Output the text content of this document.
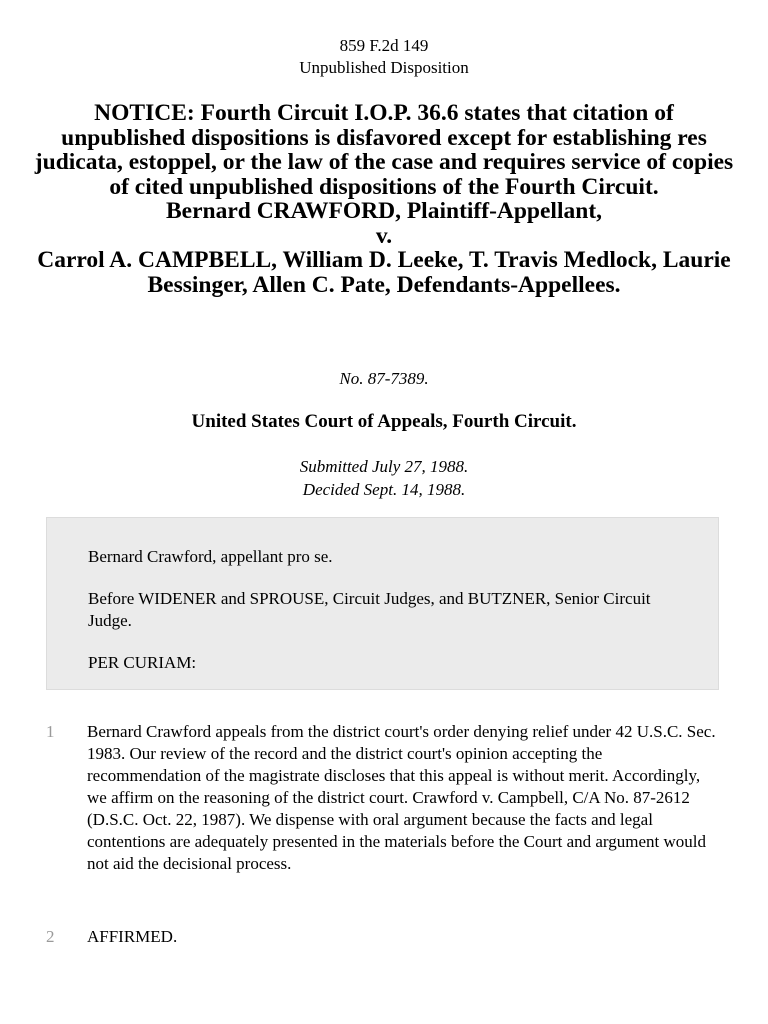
859 F.2d 149
Unpublished Disposition
NOTICE: Fourth Circuit I.O.P. 36.6 states that citation of unpublished dispositions is disfavored except for establishing res judicata, estoppel, or the law of the case and requires service of copies of cited unpublished dispositions of the Fourth Circuit.
Bernard CRAWFORD, Plaintiff-Appellant,
v.
Carrol A. CAMPBELL, William D. Leeke, T. Travis Medlock, Laurie Bessinger, Allen C. Pate, Defendants-Appellees.
No. 87-7389.
United States Court of Appeals, Fourth Circuit.
Submitted July 27, 1988.
Decided Sept. 14, 1988.
Bernard Crawford, appellant pro se.
Before WIDENER and SPROUSE, Circuit Judges, and BUTZNER, Senior Circuit Judge.
PER CURIAM:
1 Bernard Crawford appeals from the district court's order denying relief under 42 U.S.C. Sec. 1983. Our review of the record and the district court's opinion accepting the recommendation of the magistrate discloses that this appeal is without merit. Accordingly, we affirm on the reasoning of the district court. Crawford v. Campbell, C/A No. 87-2612 (D.S.C. Oct. 22, 1987). We dispense with oral argument because the facts and legal contentions are adequately presented in the materials before the Court and argument would not aid the decisional process.
2 AFFIRMED.
